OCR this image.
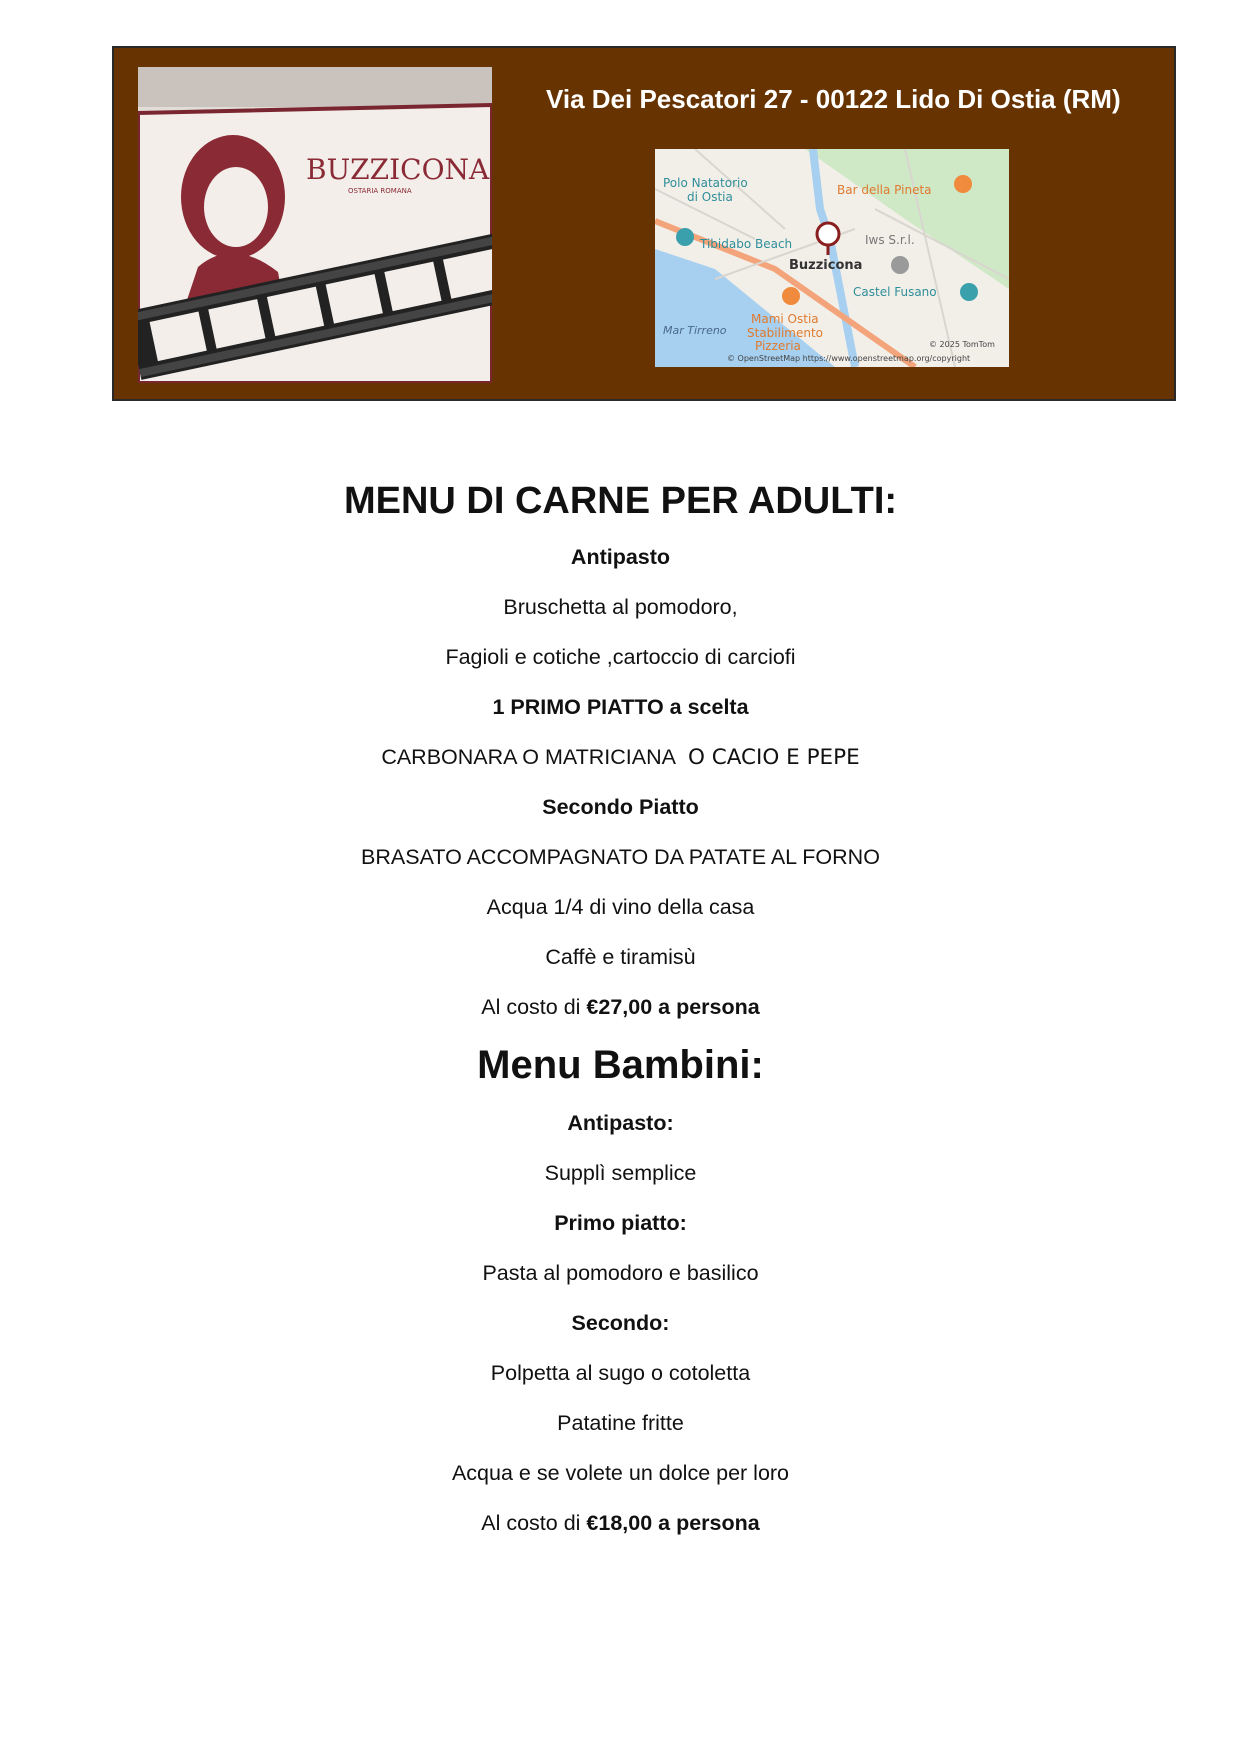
BUZZICONA
OSTARIA ROMANA
Via Dei Pescatori 27 - 00122 Lido Di Ostia (RM)
Polo Natatorio
di Ostia	Bar della Pineta
Iws S.r.l.
Tibidabo Beach
Buzzicona
Castel Fusano
Mami Ostia
Stabilimento
Pizzeria
Mar Tirreno
© 2025 TomTom
© OpenStreetMap https://www.openstreetmap.org/copyright
MENU DI CARNE PER ADULTI:
Antipasto
Bruschetta al pomodoro,
Fagioli e cotiche ,cartoccio di carciofi
1 PRIMO PIATTO a scelta
CARBONARA O MATRICIANA O CACIO E PEPE
Secondo Piatto
BRASATO ACCOMPAGNATO DA PATATE AL FORNO
Acqua 1/4 di vino della casa
Caffè e tiramisù
Al costo di €27,00 a persona
Menu Bambini:
Antipasto:
Supplì semplice
Primo piatto:
Pasta al pomodoro e basilico
Secondo:
Polpetta al sugo o cotoletta
Patatine fritte
Acqua e se volete un dolce per loro
Al costo di €18,00 a persona
